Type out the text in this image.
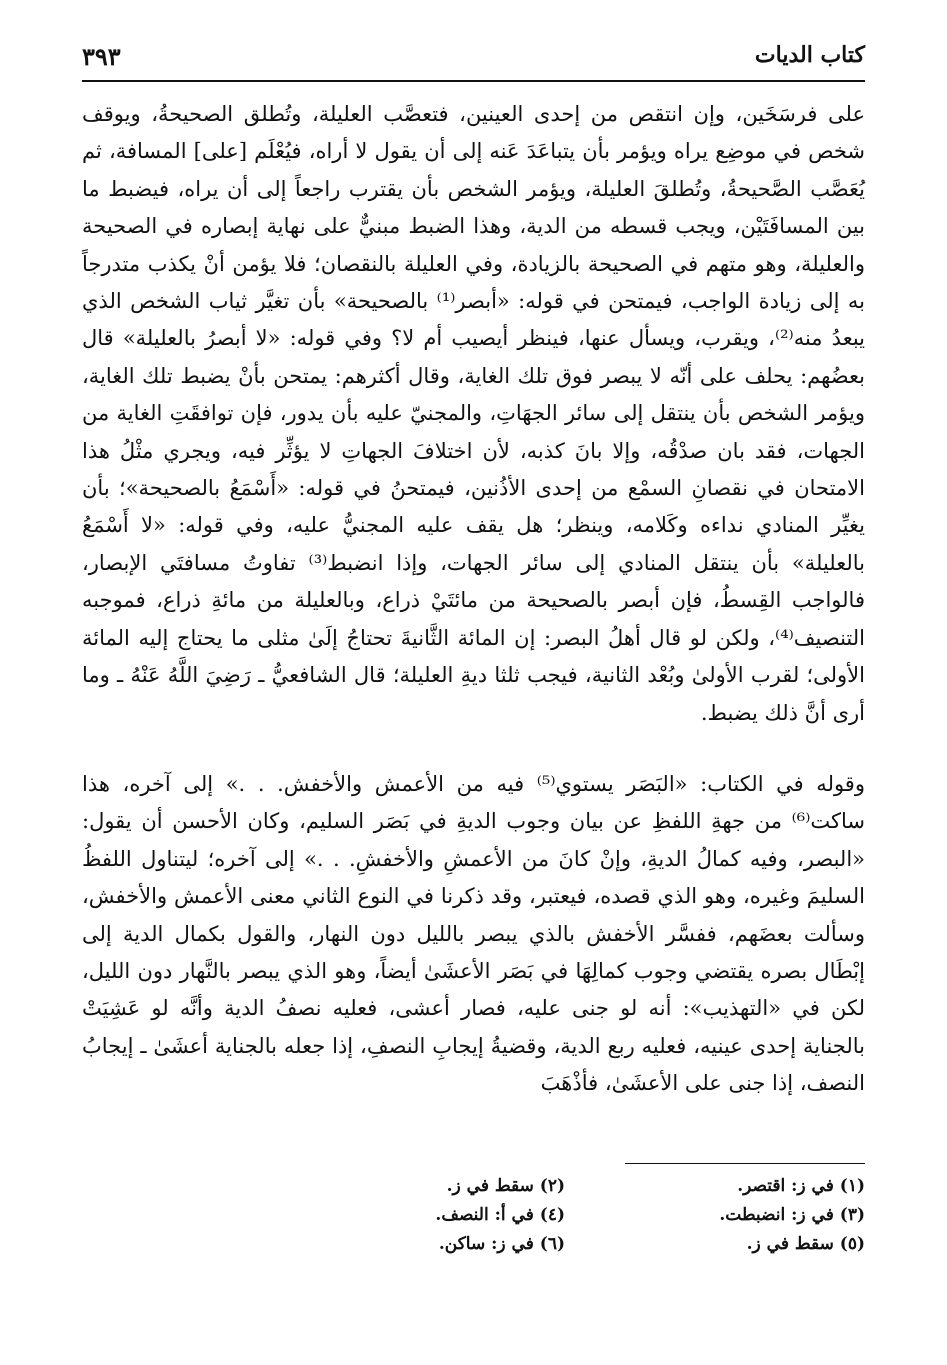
كتاب الديات
٣٩٣

على فرسَخَين، وإن انتقص من إحدى العينين، فتعصَّب العليلة، وتُطلق الصحيحةُ، ويوقف شخص في موضِع يراه ويؤمر بأن يتباعَدَ عَنه إلى أن يقول لا أراه، فيُعْلَم [على] المسافة، ثم يُعَصَّب الصَّحيحةُ، وتُطلقَ العليلة، ويؤمر الشخص بأن يقترب راجعاً إلى أن يراه، فيضبط ما بين المسافَتَيْن، ويجب قسطه من الدية، وهذا الضبط مبنيٌّ على نهاية إبصاره في الصحيحة والعليلة، وهو متهم في الصحيحة بالزيادة، وفي العليلة بالنقصان؛ فلا يؤمن أنْ يكذب متدرجاً به إلى زيادة الواجب، فيمتحن في قوله: «أبصر⁽¹⁾ بالصحيحة» بأن تغيَّر ثياب الشخص الذي يبعدُ منه⁽²⁾، ويقرب، ويسأل عنها، فينظر أيصيب أم لا؟ وفي قوله: «لا أبصرُ بالعليلة» قال بعضُهم: يحلف على أنّه لا يبصر فوق تلك الغاية، وقال أكثرهم: يمتحن بأنْ يضبط تلك الغاية، ويؤمر الشخص بأن ينتقل إلى سائر الجهَاتِ، والمجنيّ عليه بأن يدور، فإن توافقَتِ الغاية من الجهات، فقد بان صدْقُه، وإلا بانَ كذبه، لأن اختلافَ الجهاتِ لا يؤثِّر فيه، ويجري مثْلُ هذا الامتحان في نقصانِ السمْع من إحدى الأذُنين، فيمتحنُ في قوله: «أَسْمَعُ بالصحيحة»؛ بأن يغيِّر المنادي نداءه وكَلامه، وينظر؛ هل يقف عليه المجنيُّ عليه، وفي قوله: «لا أَسْمَعُ بالعليلة» بأن ينتقل المنادي إلى سائر الجهات، وإذا انضبط⁽³⁾ تفاوتُ مسافتَي الإبصار، فالواجب القِسطُ، فإن أبصر بالصحيحة من مائتَيْ ذراع، وبالعليلة من مائةِ ذراع، فموجبه التنصيف⁽⁴⁾، ولكن لو قال أهلُ البصر: إن المائة الثَّانيةَ تحتاجُ إلَىٰ مثلى ما يحتاج إليه المائة الأولى؛ لقرب الأولىٰ وبُعْد الثانية، فيجب ثلثا ديةِ العليلة؛ قال الشافعيُّ ـ رَضِيَ اللَّهُ عَنْهُ ـ وما أرى أنَّ ذلك يضبط.

وقوله في الكتاب: «البَصَر يستوي⁽⁵⁾ فيه من الأعمش والأخفش. . .» إلى آخره، هذا ساكت⁽⁶⁾ من جهةِ اللفظِ عن بيان وجوب الديةِ في بَصَر السليم، وكان الأحسن أن يقول: «البصر، وفيه كمالُ الديةِ، وإنْ كانَ من الأعمشِ والأخفشِ. . .» إلى آخره؛ ليتناول اللفظُ السليمَ وغيره، وهو الذي قصده، فيعتبر، وقد ذكرنا في النوع الثاني معنى الأعمش والأخفش، وسألت بعضَهم، ففسَّر الأخفش بالذي يبصر بالليل دون النهار، والقول بكمال الدية إلى إبْطَال بصره يقتضي وجوب كمالِهَا في بَصَر الأعشَىٰ أيضاً، وهو الذي يبصر بالنَّهار دون الليل، لكن في «التهذيب»: أنه لو جنى عليه، فصار أعشى، فعليه نصفُ الدية وأنَّه لو عَشِيَتْ بالجناية إحدى عينيه، فعليه ربع الدية، وقضيةُ إيجابِ النصفِ، إذا جعله بالجناية أعشَىٰ ـ إيجابُ النصف، إذا جنى على الأعشَىٰ، فأذْهَبَ

(١) في ز: اقتصر.
(٣) في ز: انضبطت.
(٥) سقط في ز.
(٢) سقط في ز.
(٤) في أ: النصف.
(٦) في ز: ساكن.
